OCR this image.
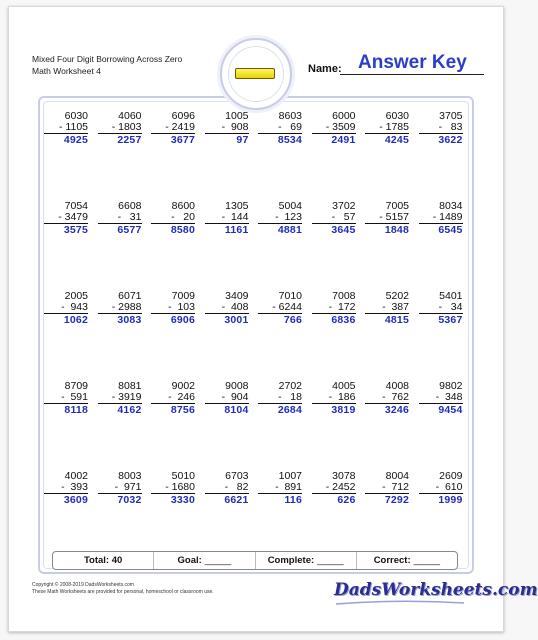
Mixed Four Digit Borrowing Across Zero
Math Worksheet 4	Name: Answer Key
6030
- 1105
4925
4060
- 1803
2257
6096
- 2419
3677
1005
-  908
97
8603
-   69
8534
6000
- 3509
2491
6030
- 1785
4245
3705
-   83
3622
7054
- 3479
3575
6608
-   31
6577
8600
-   20
8580
1305
-  144
1161
5004
-  123
4881
3702
-   57
3645
7005
- 5157
1848
8034
- 1489
6545
2005
-  943
1062
6071
- 2988
3083
7009
-  103
6906
3409
-  408
3001
7010
- 6244
766
7008
-  172
6836
5202
-  387
4815
5401
-   34
5367
8709
-  591
8118
8081
- 3919
4162
9002
-  246
8756
9008
-  904
8104
2702
-   18
2684
4005
-  186
3819
4008
-  762
3246
9802
-  348
9454
4002
-  393
3609
8003
-  971
7032
5010
- 1680
3330
6703
-   82
6621
1007
-  891
116
3078
- 2452
626
8004
-  712
7292
2609
-  610
1999
Total: 40	Goal: _____	Complete: _____	Correct: _____
Copyright © 2008-2019 DadsWorksheets.com
These Math Worksheets are provided for personal, homeschool or classroom use.	DadsWorksheets.com
